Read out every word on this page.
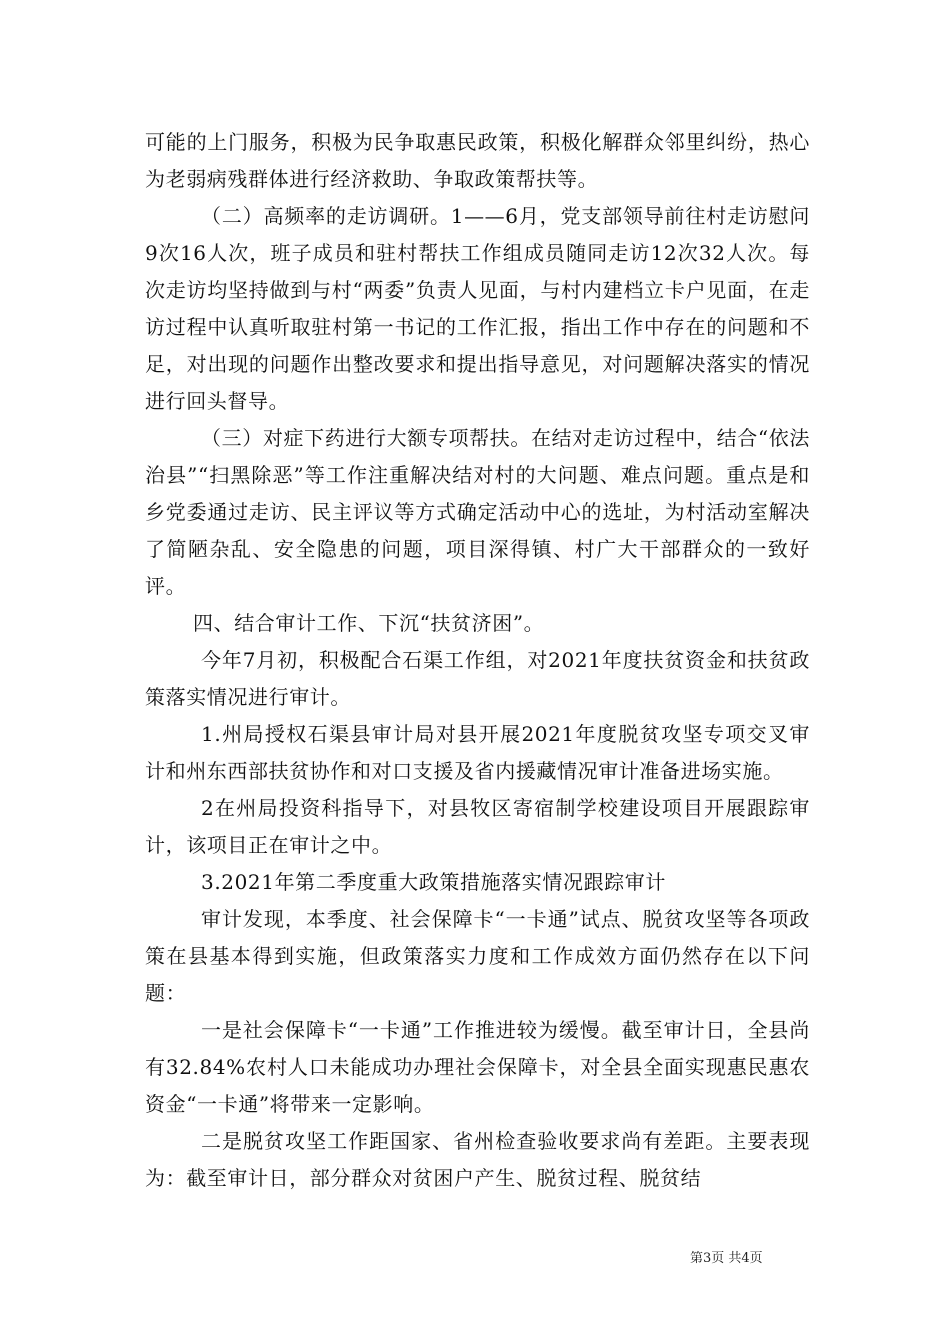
可能的上门服务，积极为民争取惠民政策，积极化解群众邻里纠纷，热心为老弱病残群体进行经济救助、争取政策帮扶等。

（二）高频率的走访调研。1——6月，党支部领导前往村走访慰问9次16人次，班子成员和驻村帮扶工作组成员随同走访12次32人次。每次走访均坚持做到与村“两委”负责人见面，与村内建档立卡户见面，在走访过程中认真听取驻村第一书记的工作汇报，指出工作中存在的问题和不足，对出现的问题作出整改要求和提出指导意见，对问题解决落实的情况进行回头督导。

（三）对症下药进行大额专项帮扶。在结对走访过程中，结合“依法治县”“扫黑除恶”等工作注重解决结对村的大问题、难点问题。重点是和乡党委通过走访、民主评议等方式确定活动中心的选址，为村活动室解决了简陋杂乱、安全隐患的问题，项目深得镇、村广大干部群众的一致好评。

四、结合审计工作、下沉“扶贫济困”。

今年7月初，积极配合石渠工作组，对2021年度扶贫资金和扶贫政策落实情况进行审计。

1.州局授权石渠县审计局对县开展2021年度脱贫攻坚专项交叉审计和州东西部扶贫协作和对口支援及省内援藏情况审计准备进场实施。

2在州局投资科指导下，对县牧区寄宿制学校建设项目开展跟踪审计，该项目正在审计之中。

3.2021年第二季度重大政策措施落实情况跟踪审计

审计发现，本季度、社会保障卡“一卡通”试点、脱贫攻坚等各项政策在县基本得到实施，但政策落实力度和工作成效方面仍然存在以下问题：

一是社会保障卡“一卡通”工作推进较为缓慢。截至审计日，全县尚有32.84%农村人口未能成功办理社会保障卡，对全县全面实现惠民惠农资金“一卡通”将带来一定影响。

二是脱贫攻坚工作距国家、省州检查验收要求尚有差距。主要表现为：截至审计日，部分群众对贫困户产生、脱贫过程、脱贫结

第3页 共4页
